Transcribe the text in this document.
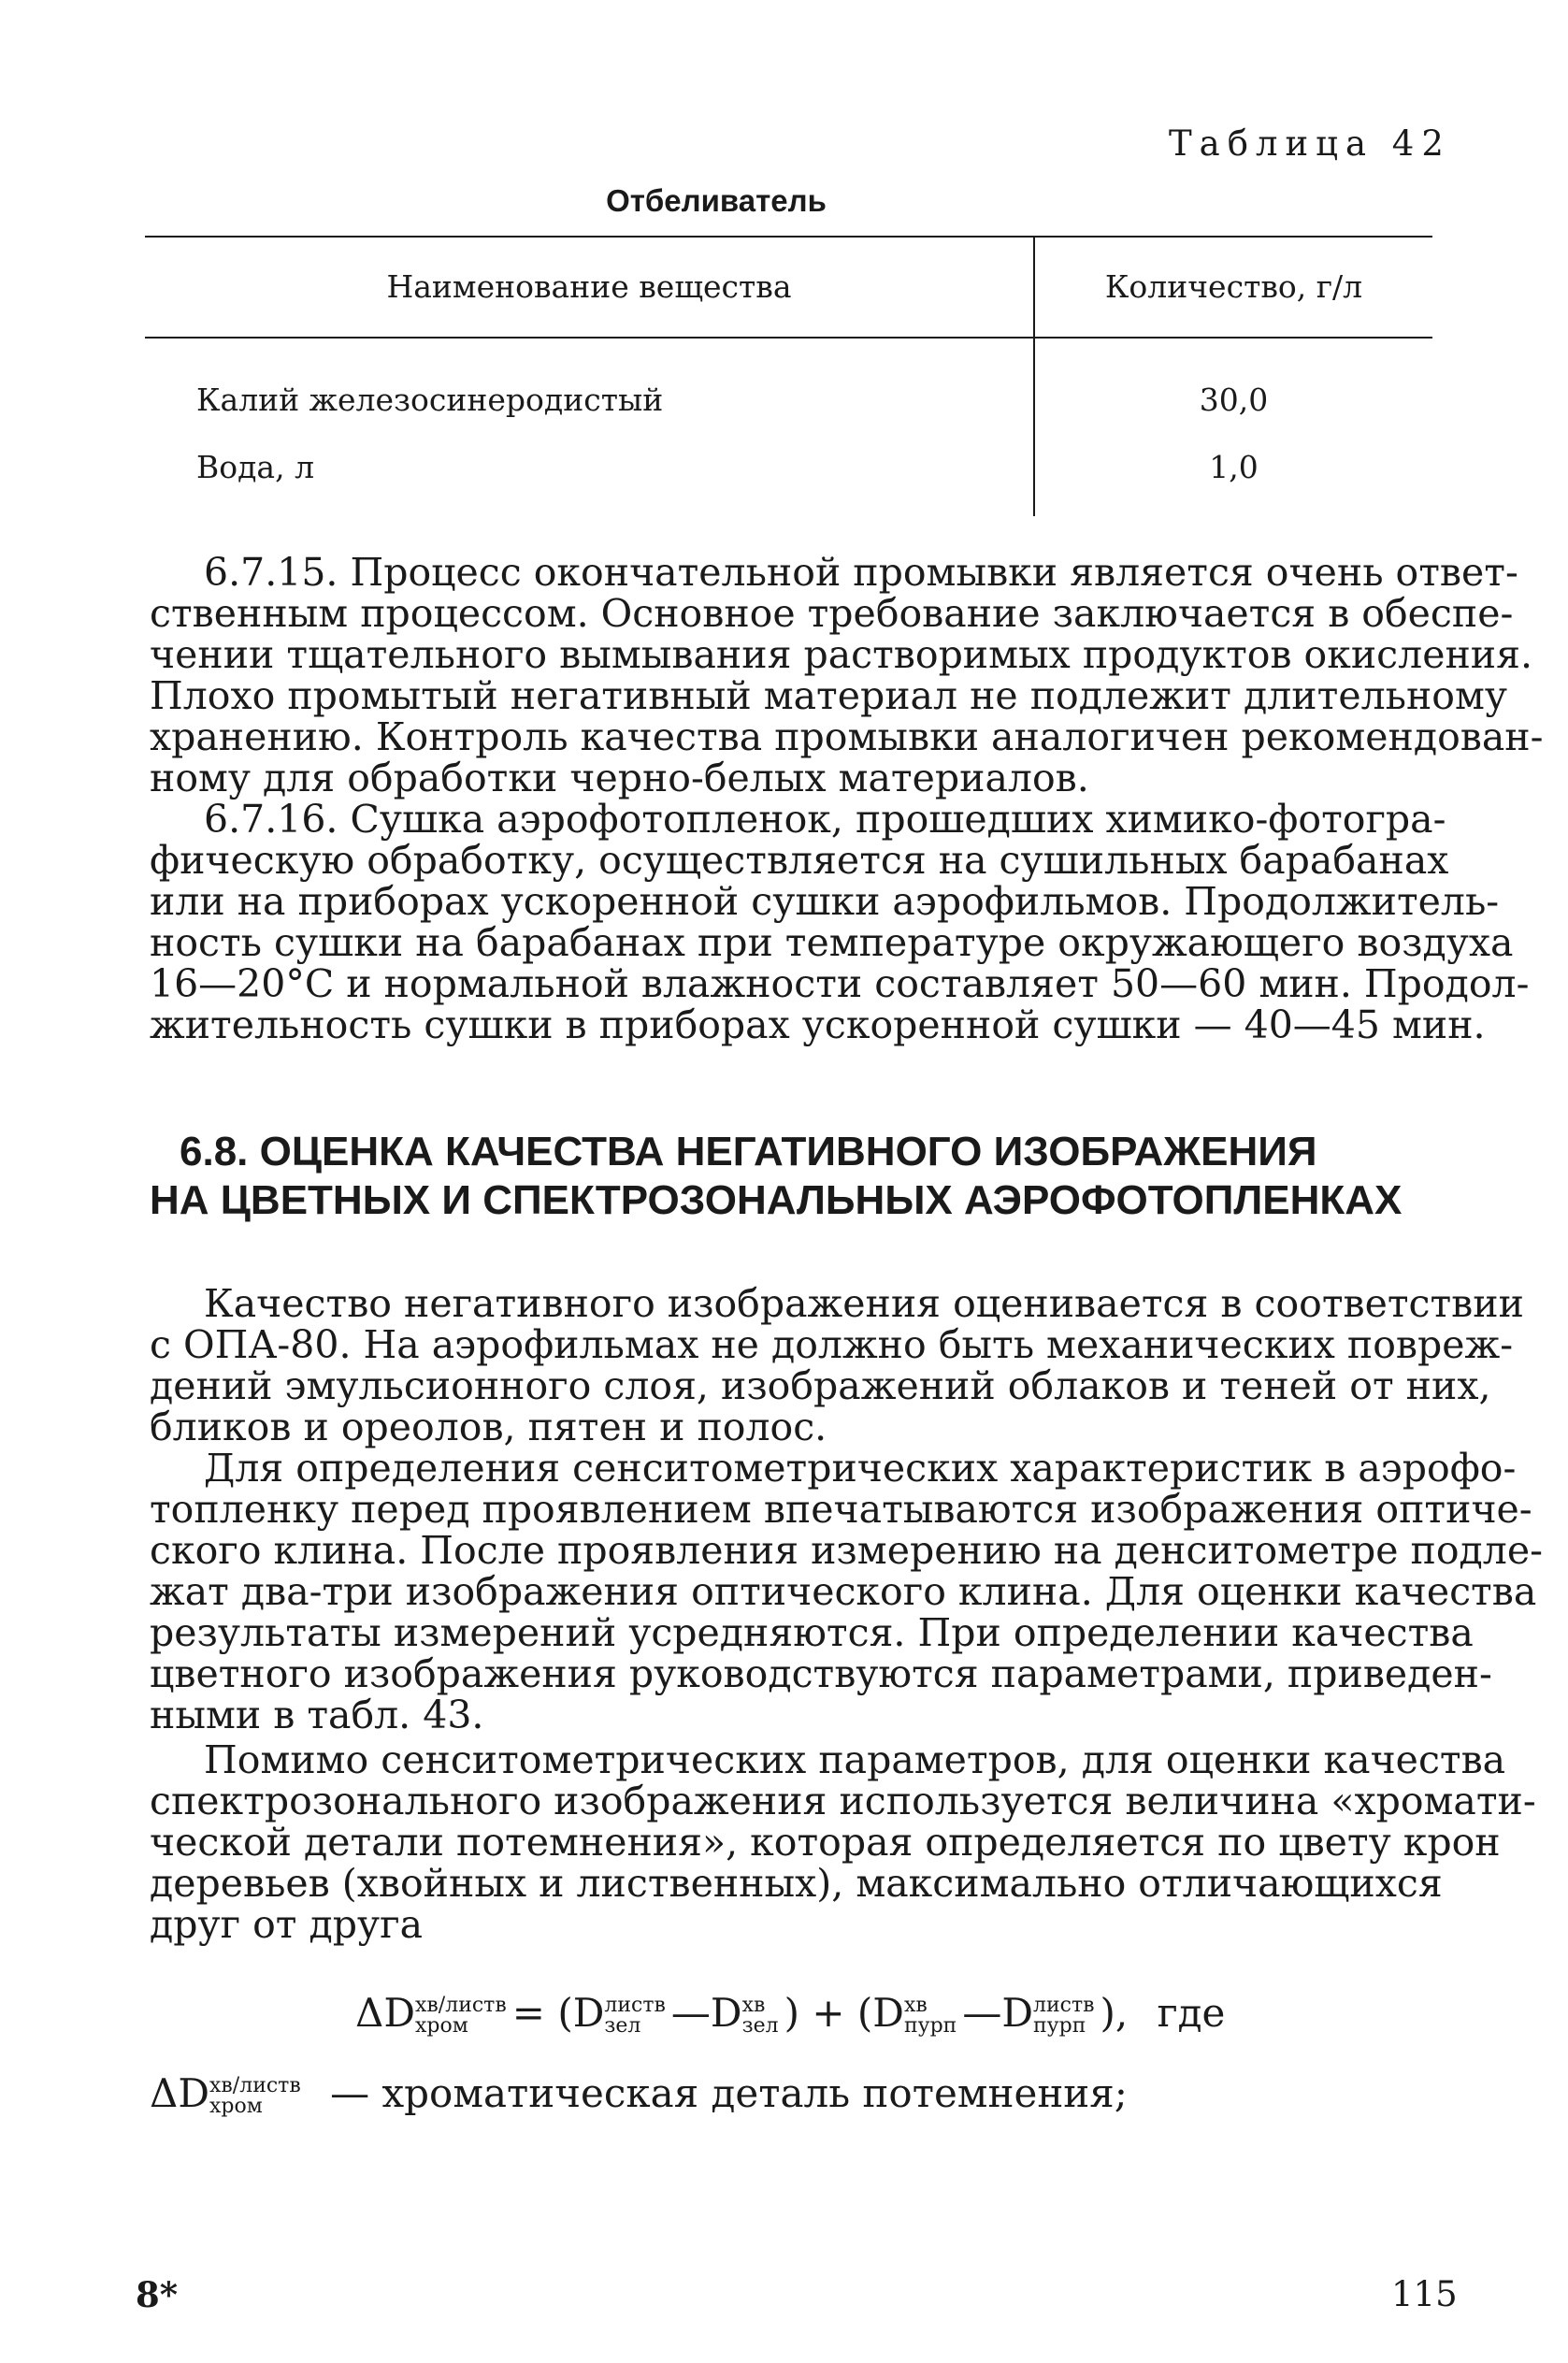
Таблица 42
Отбеливатель
Наименование вещества	Количество, г/л
Калий железосинеродистый	30,0
Вода, л	1,0
6.7.15. Процесс окончательной промывки является очень ответ-
ственным процессом. Основное требование заключается в обеспе-
чении тщательного вымывания растворимых продуктов окисления.
Плохо промытый негативный материал не подлежит длительному
хранению. Контроль качества промывки аналогичен рекомендован-
ному для обработки черно-белых материалов.
6.7.16. Сушка аэрофотопленок, прошедших химико-фотогра-
фическую обработку, осуществляется на сушильных барабанах
или на приборах ускоренной сушки аэрофильмов. Продолжитель-
ность сушки на барабанах при температуре окружающего воздуха
16—20°С и нормальной влажности составляет 50—60 мин. Продол-
жительность сушки в приборах ускоренной сушки — 40—45 мин.
6.8. ОЦЕНКА КАЧЕСТВА НЕГАТИВНОГО ИЗОБРАЖЕНИЯ
НА ЦВЕТНЫХ И СПЕКТРОЗОНАЛЬНЫХ АЭРОФОТОПЛЕНКАХ
Качество негативного изображения оценивается в соответствии
с ОПА-80. На аэрофильмах не должно быть механических повреж-
дений эмульсионного слоя, изображений облаков и теней от них,
бликов и ореолов, пятен и полос.
Для определения сенситометрических характеристик в аэрофо-
топленку перед проявлением впечатываются изображения оптиче-
ского клина. После проявления измерению на денситометре подле-
жат два-три изображения оптического клина. Для оценки качества
результаты измерений усредняются. При определении качества
цветного изображения руководствуются параметрами, приведен-
ными в табл. 43.
Помимо сенситометрических параметров, для оценки качества
спектрозонального изображения используется величина «хромати-
ческой детали потемнения», которая определяется по цвету крон
деревьев (хвойных и лиственных), максимально отличающихся
друг от друга
ΔD хв/листв
хром	= (D листв
зел —D хв
зел ) + (D хв
пурп —D листв
пурп ), где
ΔD хв/листв
хром	— хроматическая деталь потемнения;
8*	115
